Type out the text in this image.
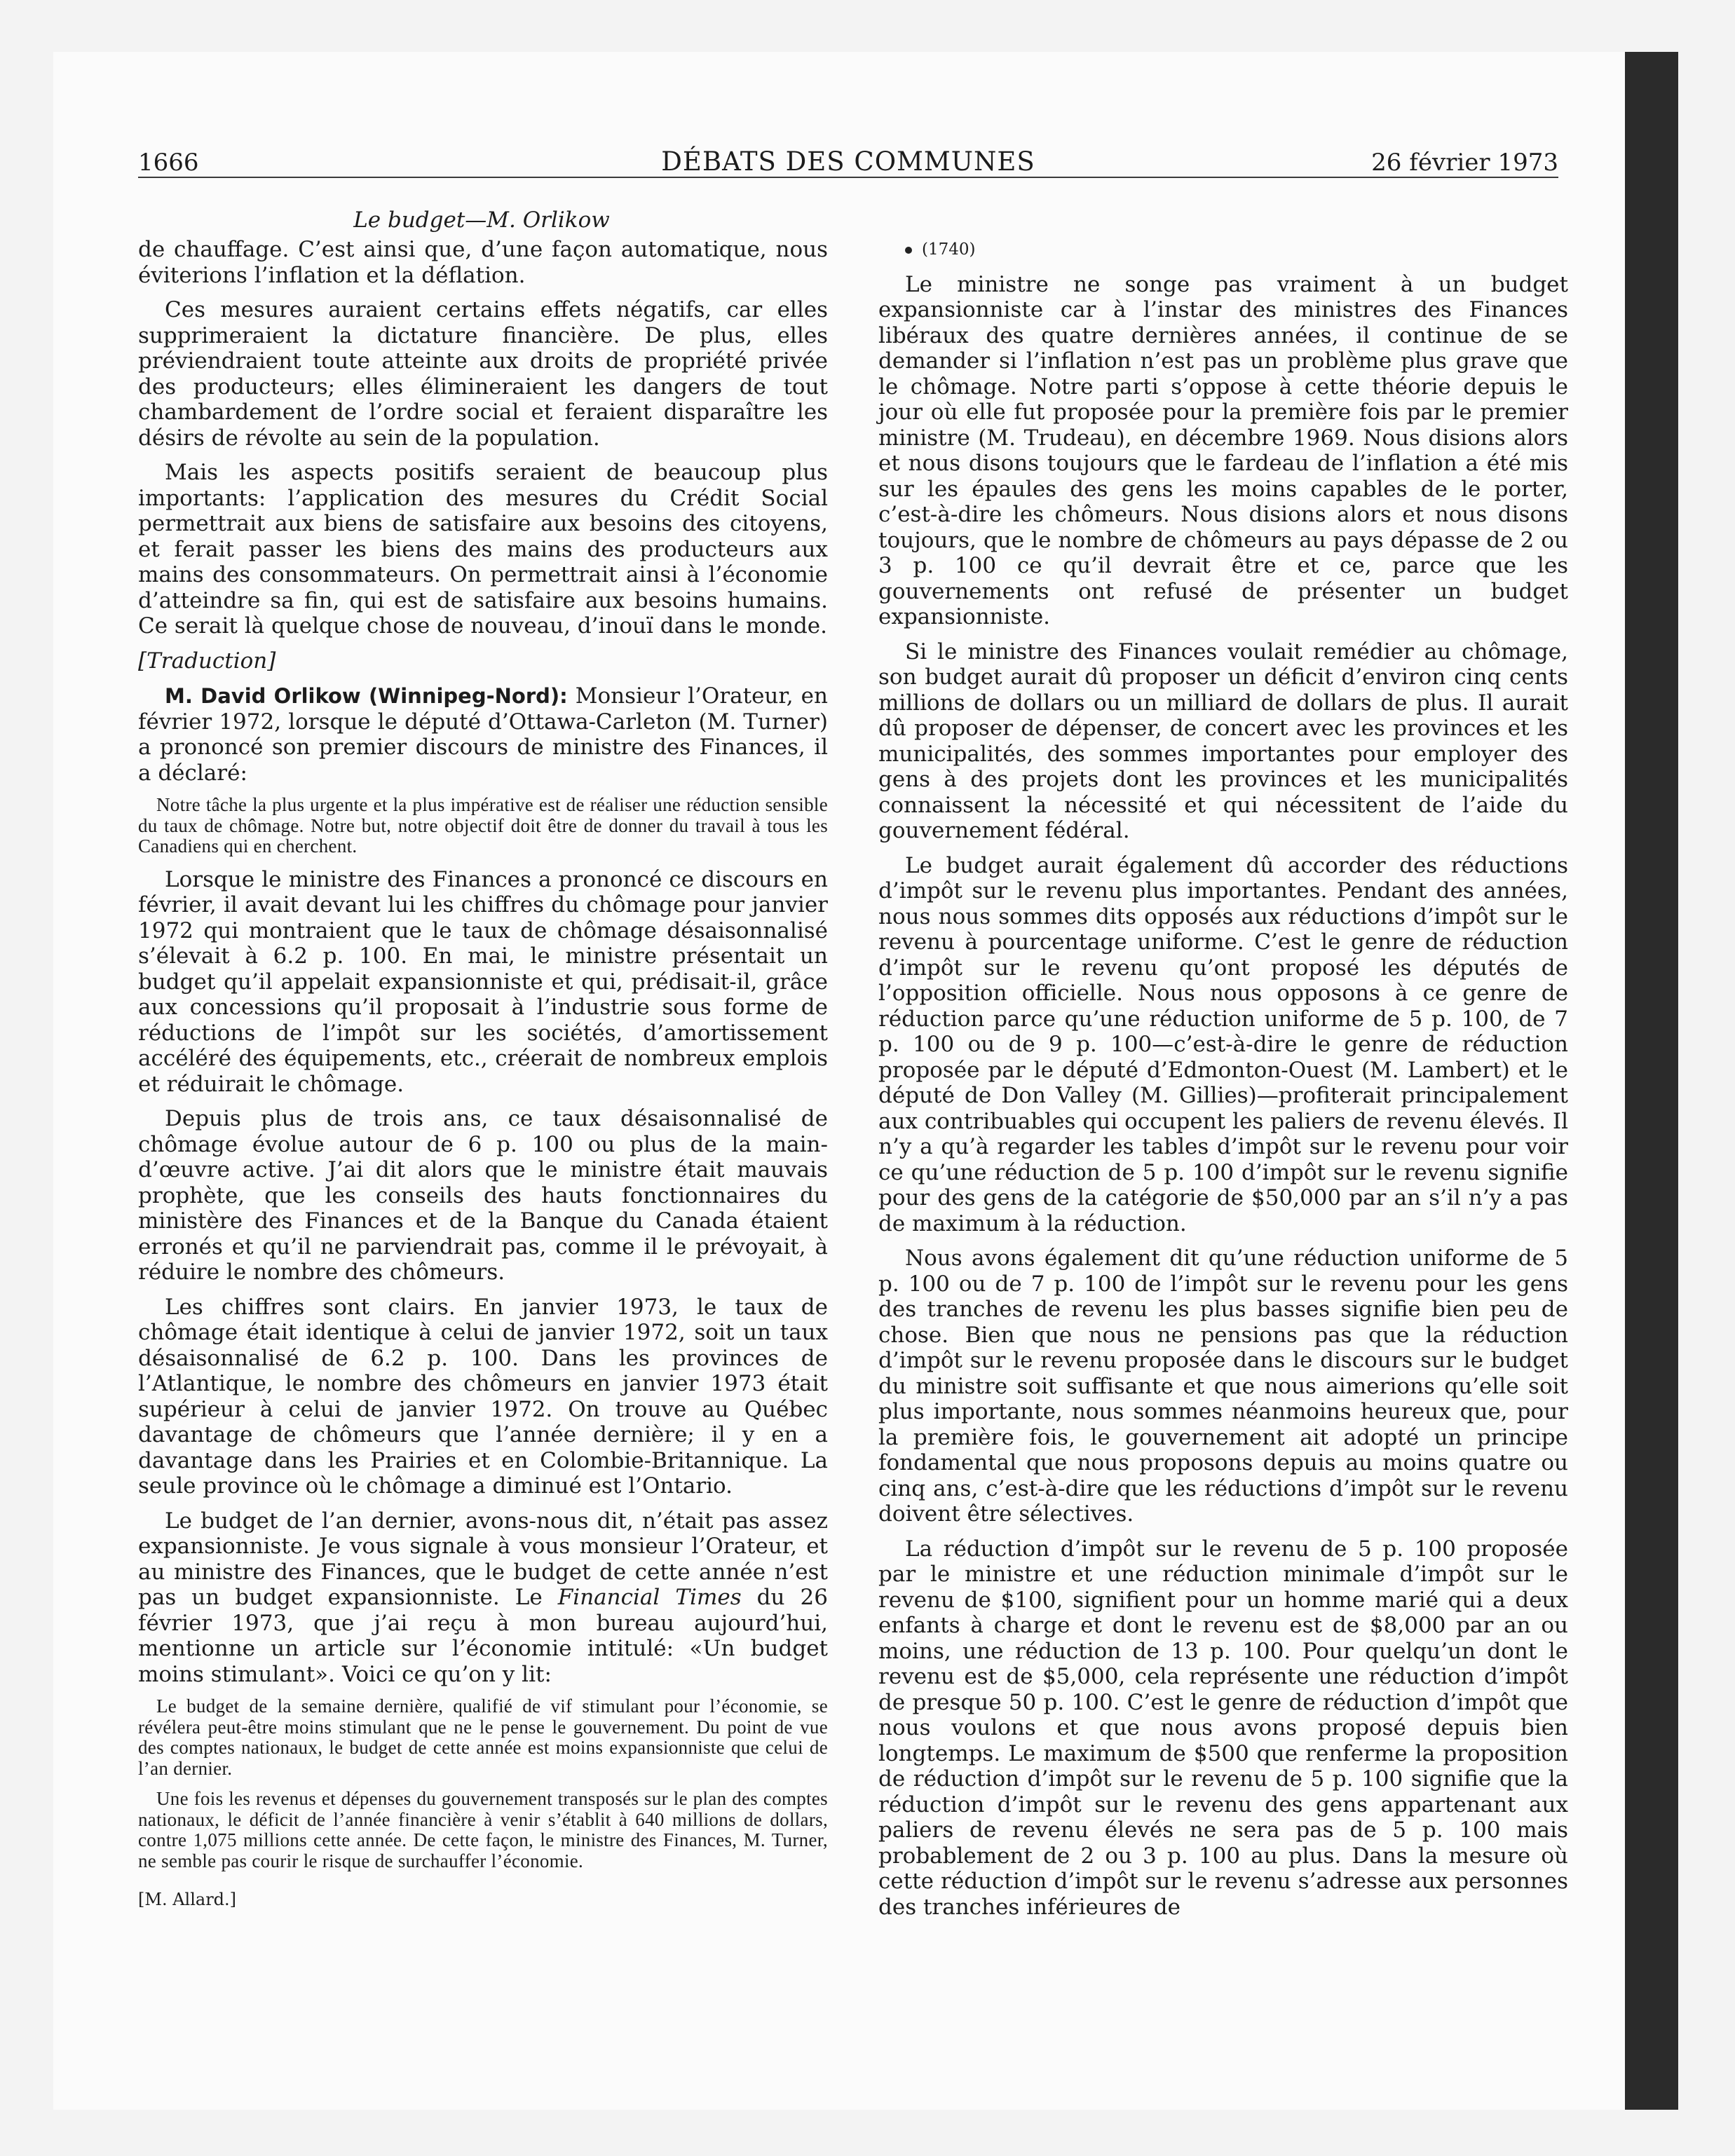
1666	DÉBATS DES COMMUNES	26 février 1973
Le budget—M. Orlikow

de chauffage. C’est ainsi que, d’une façon automatique, nous éviterions l’inflation et la déflation.

Ces mesures auraient certains effets négatifs, car elles supprimeraient la dictature financière. De plus, elles préviendraient toute atteinte aux droits de propriété privée des producteurs; elles élimineraient les dangers de tout chambardement de l’ordre social et feraient disparaître les désirs de révolte au sein de la population.

Mais les aspects positifs seraient de beaucoup plus importants: l’application des mesures du Crédit Social permettrait aux biens de satisfaire aux besoins des citoyens, et ferait passer les biens des mains des producteurs aux mains des consommateurs. On permettrait ainsi à l’économie d’atteindre sa fin, qui est de satisfaire aux besoins humains. Ce serait là quelque chose de nouveau, d’inouï dans le monde.

[Traduction]

M. David Orlikow (Winnipeg-Nord): Monsieur l’Orateur, en février 1972, lorsque le député d’Ottawa-Carleton (M. Turner) a prononcé son premier discours de ministre des Finances, il a déclaré:

Notre tâche la plus urgente et la plus impérative est de réaliser une réduction sensible du taux de chômage. Notre but, notre objectif doit être de donner du travail à tous les Canadiens qui en cherchent.

Lorsque le ministre des Finances a prononcé ce discours en février, il avait devant lui les chiffres du chômage pour janvier 1972 qui montraient que le taux de chômage désaisonnalisé s’élevait à 6.2 p. 100. En mai, le ministre présentait un budget qu’il appelait expansionniste et qui, prédisait-il, grâce aux concessions qu’il proposait à l’industrie sous forme de réductions de l’impôt sur les sociétés, d’amortissement accéléré des équipements, etc., créerait de nombreux emplois et réduirait le chômage.

Depuis plus de trois ans, ce taux désaisonnalisé de chômage évolue autour de 6 p. 100 ou plus de la main-d’œuvre active. J’ai dit alors que le ministre était mauvais prophète, que les conseils des hauts fonctionnaires du ministère des Finances et de la Banque du Canada étaient erronés et qu’il ne parviendrait pas, comme il le prévoyait, à réduire le nombre des chômeurs.

Les chiffres sont clairs. En janvier 1973, le taux de chômage était identique à celui de janvier 1972, soit un taux désaisonnalisé de 6.2 p. 100. Dans les provinces de l’Atlantique, le nombre des chômeurs en janvier 1973 était supérieur à celui de janvier 1972. On trouve au Québec davantage de chômeurs que l’année dernière; il y en a davantage dans les Prairies et en Colombie-Britannique. La seule province où le chômage a diminué est l’Ontario.

Le budget de l’an dernier, avons-nous dit, n’était pas assez expansionniste. Je vous signale à vous monsieur l’Orateur, et au ministre des Finances, que le budget de cette année n’est pas un budget expansionniste. Le Financial Times du 26 février 1973, que j’ai reçu à mon bureau aujourd’hui, mentionne un article sur l’économie intitulé: «Un budget moins stimulant». Voici ce qu’on y lit:

Le budget de la semaine dernière, qualifié de vif stimulant pour l’économie, se révélera peut-être moins stimulant que ne le pense le gouvernement. Du point de vue des comptes nationaux, le budget de cette année est moins expansionniste que celui de l’an dernier.

Une fois les revenus et dépenses du gouvernement transposés sur le plan des comptes nationaux, le déficit de l’année financière à venir s’établit à 640 millions de dollars, contre 1,075 millions cette année. De cette façon, le ministre des Finances, M. Turner, ne semble pas courir le risque de surchauffer l’économie.

[M. Allard.]

(1740)

Le ministre ne songe pas vraiment à un budget expansionniste car à l’instar des ministres des Finances libéraux des quatre dernières années, il continue de se demander si l’inflation n’est pas un problème plus grave que le chômage. Notre parti s’oppose à cette théorie depuis le jour où elle fut proposée pour la première fois par le premier ministre (M. Trudeau), en décembre 1969. Nous disions alors et nous disons toujours que le fardeau de l’inflation a été mis sur les épaules des gens les moins capables de le porter, c’est-à-dire les chômeurs. Nous disions alors et nous disons toujours, que le nombre de chômeurs au pays dépasse de 2 ou 3 p. 100 ce qu’il devrait être et ce, parce que les gouvernements ont refusé de présenter un budget expansionniste.

Si le ministre des Finances voulait remédier au chômage, son budget aurait dû proposer un déficit d’environ cinq cents millions de dollars ou un milliard de dollars de plus. Il aurait dû proposer de dépenser, de concert avec les provinces et les municipalités, des sommes importantes pour employer des gens à des projets dont les provinces et les municipalités connaissent la nécessité et qui nécessitent de l’aide du gouvernement fédéral.

Le budget aurait également dû accorder des réductions d’impôt sur le revenu plus importantes. Pendant des années, nous nous sommes dits opposés aux réductions d’impôt sur le revenu à pourcentage uniforme. C’est le genre de réduction d’impôt sur le revenu qu’ont proposé les députés de l’opposition officielle. Nous nous opposons à ce genre de réduction parce qu’une réduction uniforme de 5 p. 100, de 7 p. 100 ou de 9 p. 100—c’est-à-dire le genre de réduction proposée par le député d’Edmonton-Ouest (M. Lambert) et le député de Don Valley (M. Gillies)—profiterait principalement aux contribuables qui occupent les paliers de revenu élevés. Il n’y a qu’à regarder les tables d’impôt sur le revenu pour voir ce qu’une réduction de 5 p. 100 d’impôt sur le revenu signifie pour des gens de la catégorie de $50,000 par an s’il n’y a pas de maximum à la réduction.

Nous avons également dit qu’une réduction uniforme de 5 p. 100 ou de 7 p. 100 de l’impôt sur le revenu pour les gens des tranches de revenu les plus basses signifie bien peu de chose. Bien que nous ne pensions pas que la réduction d’impôt sur le revenu proposée dans le discours sur le budget du ministre soit suffisante et que nous aimerions qu’elle soit plus importante, nous sommes néanmoins heureux que, pour la première fois, le gouvernement ait adopté un principe fondamental que nous proposons depuis au moins quatre ou cinq ans, c’est-à-dire que les réductions d’impôt sur le revenu doivent être sélectives.

La réduction d’impôt sur le revenu de 5 p. 100 proposée par le ministre et une réduction minimale d’impôt sur le revenu de $100, signifient pour un homme marié qui a deux enfants à charge et dont le revenu est de $8,000 par an ou moins, une réduction de 13 p. 100. Pour quelqu’un dont le revenu est de $5,000, cela représente une réduction d’impôt de presque 50 p. 100. C’est le genre de réduction d’impôt que nous voulons et que nous avons proposé depuis bien longtemps. Le maximum de $500 que renferme la proposition de réduction d’impôt sur le revenu de 5 p. 100 signifie que la réduction d’impôt sur le revenu des gens appartenant aux paliers de revenu élevés ne sera pas de 5 p. 100 mais probablement de 2 ou 3 p. 100 au plus. Dans la mesure où cette réduction d’impôt sur le revenu s’adresse aux personnes des tranches inférieures de
